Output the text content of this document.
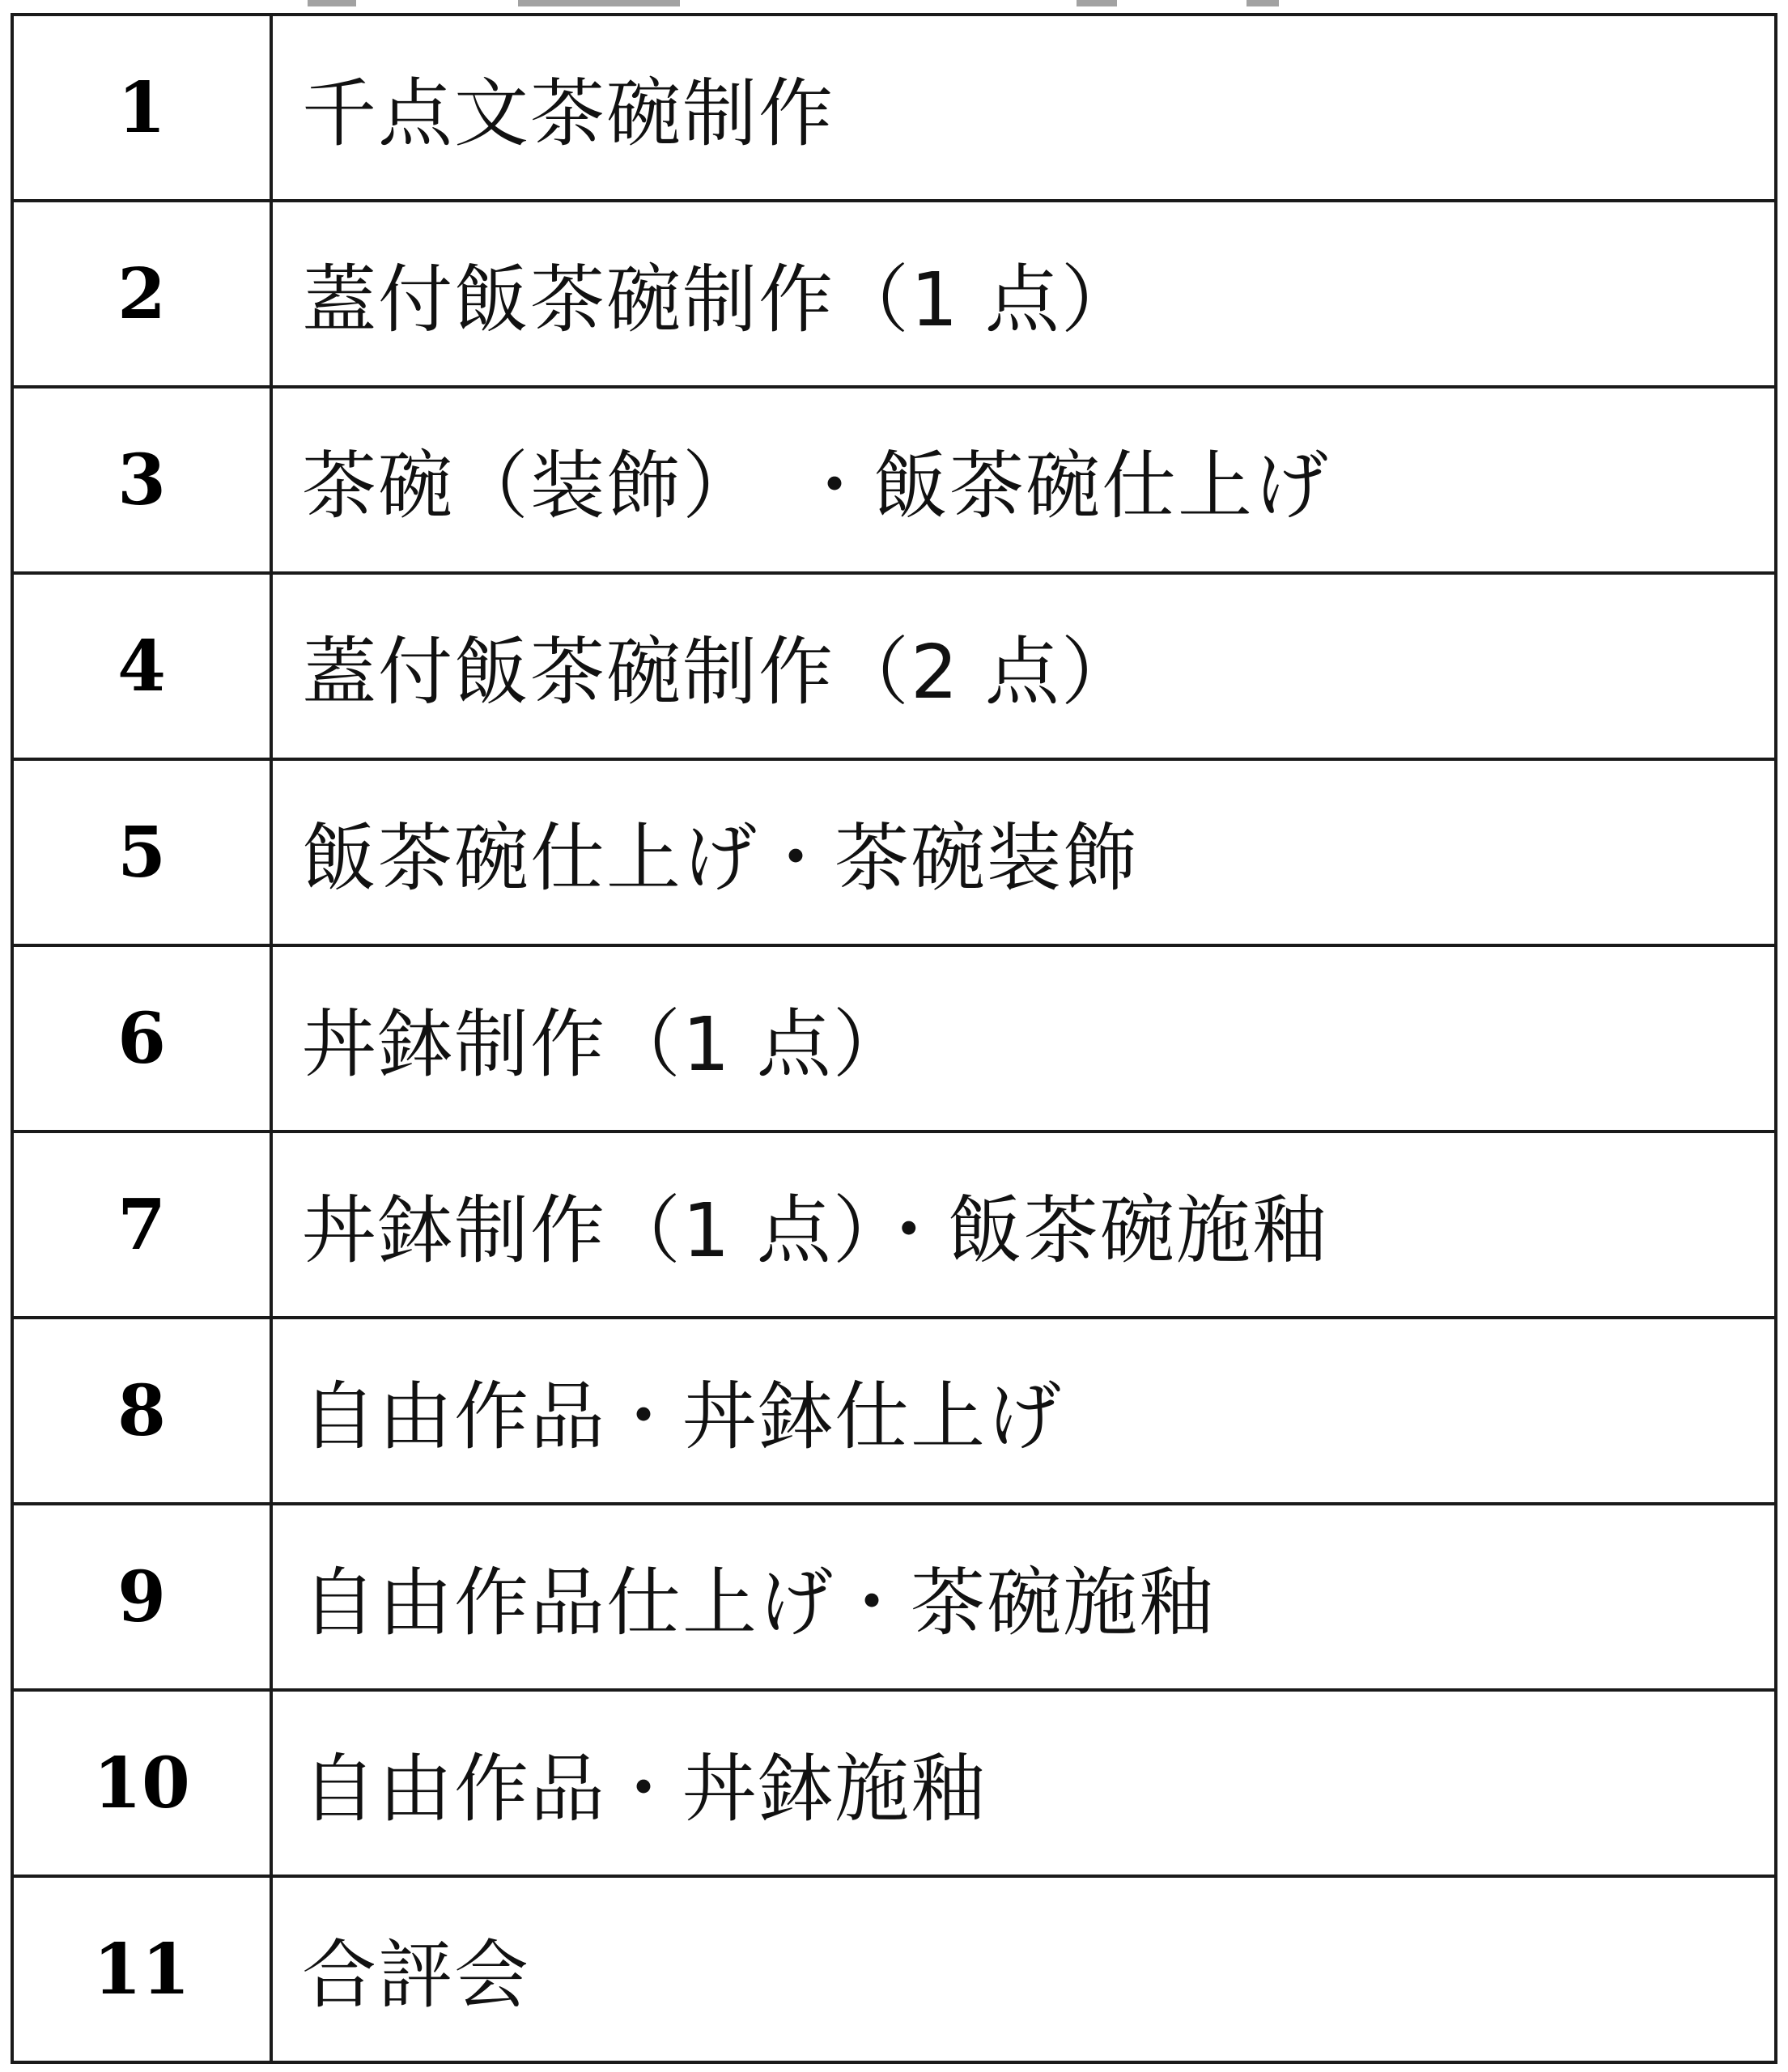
1	千点文茶碗制作
2	蓋付飯茶碗制作（1 点）
3	茶碗（装飾）　・飯茶碗仕上げ
4	蓋付飯茶碗制作（2 点）
5	飯茶碗仕上げ・茶碗装飾
6	丼鉢制作（1 点）
7	丼鉢制作（1 点）・飯茶碗施釉
8	自由作品・丼鉢仕上げ
9	自由作品仕上げ・茶碗施釉
10	自由作品・丼鉢施釉
11	合評会
